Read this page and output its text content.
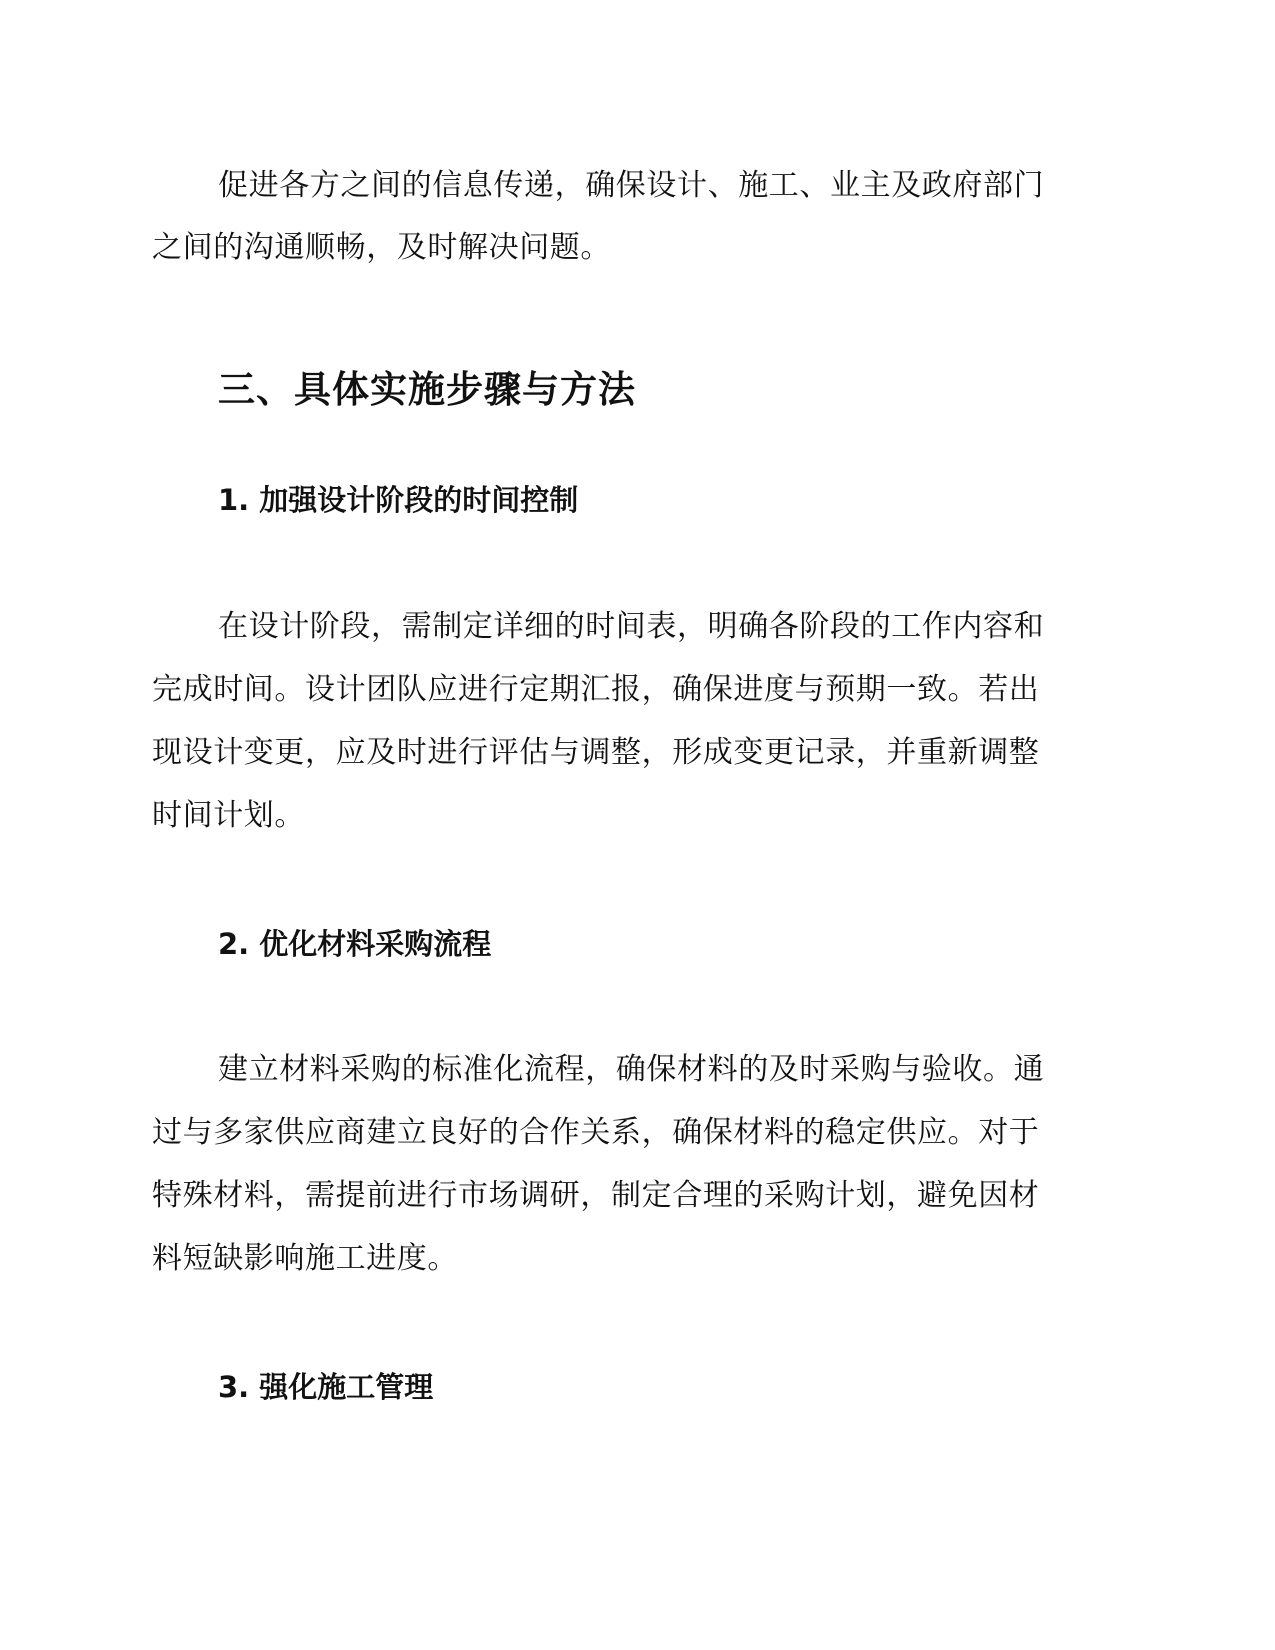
促进各方之间的信息传递，确保设计、施工、业主及政府部门
之间的沟通顺畅，及时解决问题。
三、具体实施步骤与方法
1. 加强设计阶段的时间控制
在设计阶段，需制定详细的时间表，明确各阶段的工作内容和
完成时间。设计团队应进行定期汇报，确保进度与预期一致。若出
现设计变更，应及时进行评估与调整，形成变更记录，并重新调整
时间计划。
2. 优化材料采购流程
建立材料采购的标准化流程，确保材料的及时采购与验收。通
过与多家供应商建立良好的合作关系，确保材料的稳定供应。对于
特殊材料，需提前进行市场调研，制定合理的采购计划，避免因材
料短缺影响施工进度。
3. 强化施工管理
